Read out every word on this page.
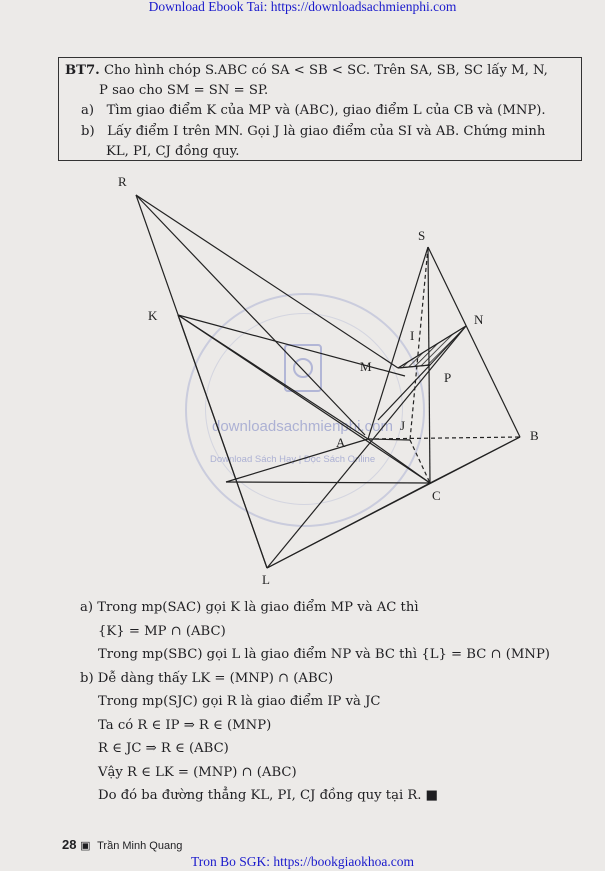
Download Ebook Tai: https://downloadsachmienphi.com
BT7. Cho hình chóp S.ABC có SA < SB < SC. Trên SA, SB, SC lấy M, N,
P sao cho SM = SN = SP.
a) Tìm giao điểm K của MP và (ABC), giao điểm L của CB và (MNP).
b) Lấy điểm I trên MN. Gọi J là giao điểm của SI và AB. Chứng minh
KL, PI, CJ đồng quy.
downloadsachmienphi.com
Download Sách Hay | Đọc Sách Online
R
K
S
N
I
M
P
J
A	B
C
L
a) Trong mp(SAC) gọi K là giao điểm MP và AC thì
{K} = MP ∩ (ABC)
Trong mp(SBC) gọi L là giao điểm NP và BC thì {L} = BC ∩ (MNP)
b) Dễ dàng thấy LK = (MNP) ∩ (ABC)
Trong mp(SJC) gọi R là giao điểm IP và JC
Ta có R ∈ IP ⇒ R ∈ (MNP)
R ∈ JC ⇒ R ∈ (ABC)
Vậy R ∈ LK = (MNP) ∩ (ABC)
Do đó ba đường thẳng KL, PI, CJ đồng quy tại R. ■
28 ▣ Trần Minh Quang
Tron Bo SGK: https://bookgiaokhoa.com
